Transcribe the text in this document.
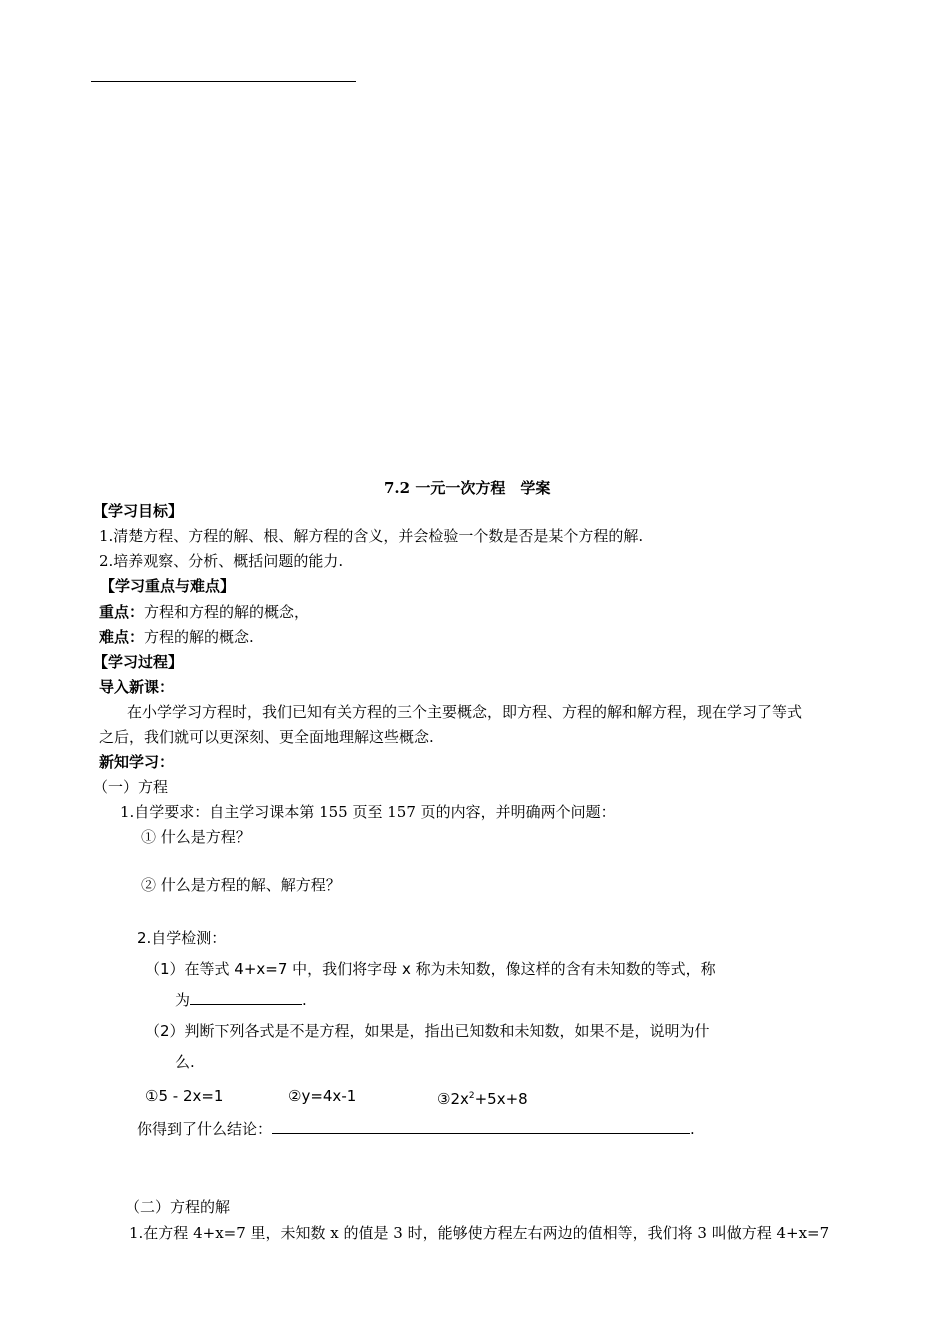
7.2 一元一次方程　学案
【学习目标】
1.清楚方程、方程的解、根、解方程的含义，并会检验一个数是否是某个方程的解.
2.培养观察、分析、概括问题的能力.
【学习重点与难点】
重点：方程和方程的解的概念，
难点：方程的解的概念.
【学习过程】
导入新课：
在小学学习方程时，我们已知有关方程的三个主要概念，即方程、方程的解和解方程，现在学习了等式
之后，我们就可以更深刻、更全面地理解这些概念.
新知学习：
（一）方程
1.自学要求：自主学习课本第 155 页至 157 页的内容，并明确两个问题：
① 什么是方程？
② 什么是方程的解、解方程？
2.自学检测：
（1）在等式 4+x=7 中，我们将字母 x 称为未知数，像这样的含有未知数的等式，称
为	.
（2）判断下列各式是不是方程，如果是，指出已知数和未知数，如果不是，说明为什
么.
①5 - 2x=1	②y=4x-1	$③2x^2+5x+8$
你得到了什么结论：	.
（二）方程的解
1.在方程 4+x=7 里，未知数 x 的值是 3 时，能够使方程左右两边的值相等，我们将 3 叫做方程 4+x=7
